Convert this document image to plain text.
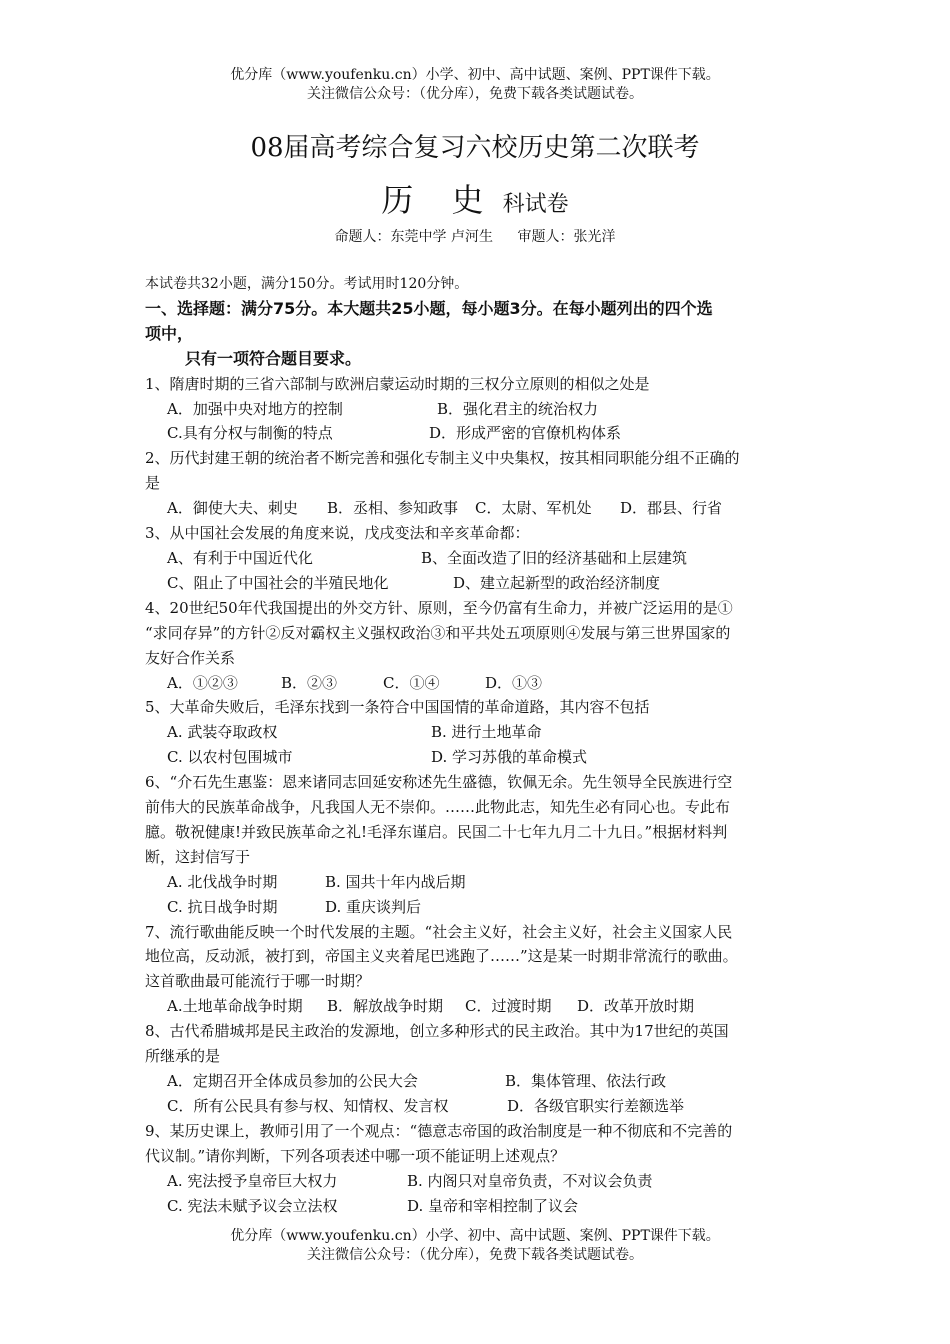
优分库（www.youfenku.cn）小学、初中、高中试题、案例、PPT课件下载。
关注微信公众号：（优分库），免费下载各类试题试卷。
08届高考综合复习六校历史第二次联考
历 史 科试卷
命题人：东莞中学 卢河生 审题人：张光洋
本试卷共32小题，满分150分。考试用时120分钟。
一、选择题：满分75分。本大题共25小题，每小题3分。在每小题列出的四个选
项中，
只有一项符合题目要求。
1、隋唐时期的三省六部制与欧洲启蒙运动时期的三权分立原则的相似之处是
A．加强中央对地方的控制	B．强化君主的统治权力
C.具有分权与制衡的特点	D．形成严密的官僚机构体系
2、历代封建王朝的统治者不断完善和强化专制主义中央集权，按其相同职能分组不正确的
是
A．御使大夫、刺史 B．丞相、参知政事 C．太尉、军机处 D．郡县、行省
3、从中国社会发展的角度来说，戊戌变法和辛亥革命都：
A、有利于中国近代化	B、全面改造了旧的经济基础和上层建筑
C、阻止了中国社会的半殖民地化	D、建立起新型的政治经济制度
4、20世纪50年代我国提出的外交方针、原则，至今仍富有生命力，并被广泛运用的是①
“求同存异”的方针②反对霸权主义强权政治③和平共处五项原则④发展与第三世界国家的
友好合作关系
A．①②③	B．②③	C．①④	D．①③
5、大革命失败后，毛泽东找到一条符合中国国情的革命道路，其内容不包括
A. 武装夺取政权	B. 进行土地革命
C. 以农村包围城市	D. 学习苏俄的革命模式
6、“介石先生惠鉴：恩来诸同志回延安称述先生盛德，钦佩无余。先生领导全民族进行空
前伟大的民族革命战争，凡我国人无不崇仰。……此物此志，知先生必有同心也。专此布
臆。敬祝健康!并致民族革命之礼!毛泽东谨启。民国二十七年九月二十九日。”根据材料判
断，这封信写于
A. 北伐战争时期	B. 国共十年内战后期
C. 抗日战争时期	D. 重庆谈判后
7、流行歌曲能反映一个时代发展的主题。“社会主义好，社会主义好，社会主义国家人民
地位高，反动派，被打到，帝国主义夹着尾巴逃跑了……”这是某一时期非常流行的歌曲。
这首歌曲最可能流行于哪一时期？
A.土地革命战争时期 B．解放战争时期 C．过渡时期 D．改革开放时期
8、古代希腊城邦是民主政治的发源地，创立多种形式的民主政治。其中为17世纪的英国
所继承的是
A．定期召开全体成员参加的公民大会	B．集体管理、依法行政
C．所有公民具有参与权、知情权、发言权	D．各级官职实行差额选举
9、某历史课上，教师引用了一个观点：“德意志帝国的政治制度是一种不彻底和不完善的
代议制。”请你判断，下列各项表述中哪一项不能证明上述观点？
A. 宪法授予皇帝巨大权力	B. 内阁只对皇帝负责，不对议会负责
C. 宪法未赋予议会立法权	D. 皇帝和宰相控制了议会
优分库（www.youfenku.cn）小学、初中、高中试题、案例、PPT课件下载。
关注微信公众号：（优分库），免费下载各类试题试卷。
